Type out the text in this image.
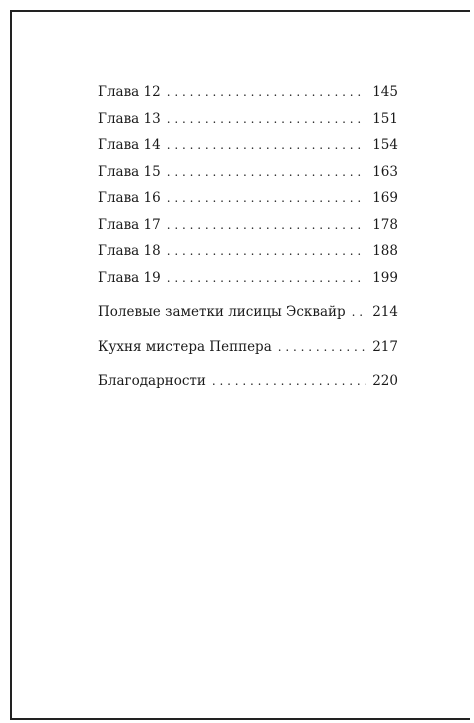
Глава 12 . . .	145
Глава 13 . . .	151
Глава 14 . . .	154
Глава 15 . . .	163
Глава 16 . . .	169
Глава 17 . . .	178
Глава 18 . . .	188
Глава 19 . . .	199
Полевые заметки лисицы Эсквайр . . . 214
Кухня мистера Пеппера . . .	217
Благодарности . . .	220
